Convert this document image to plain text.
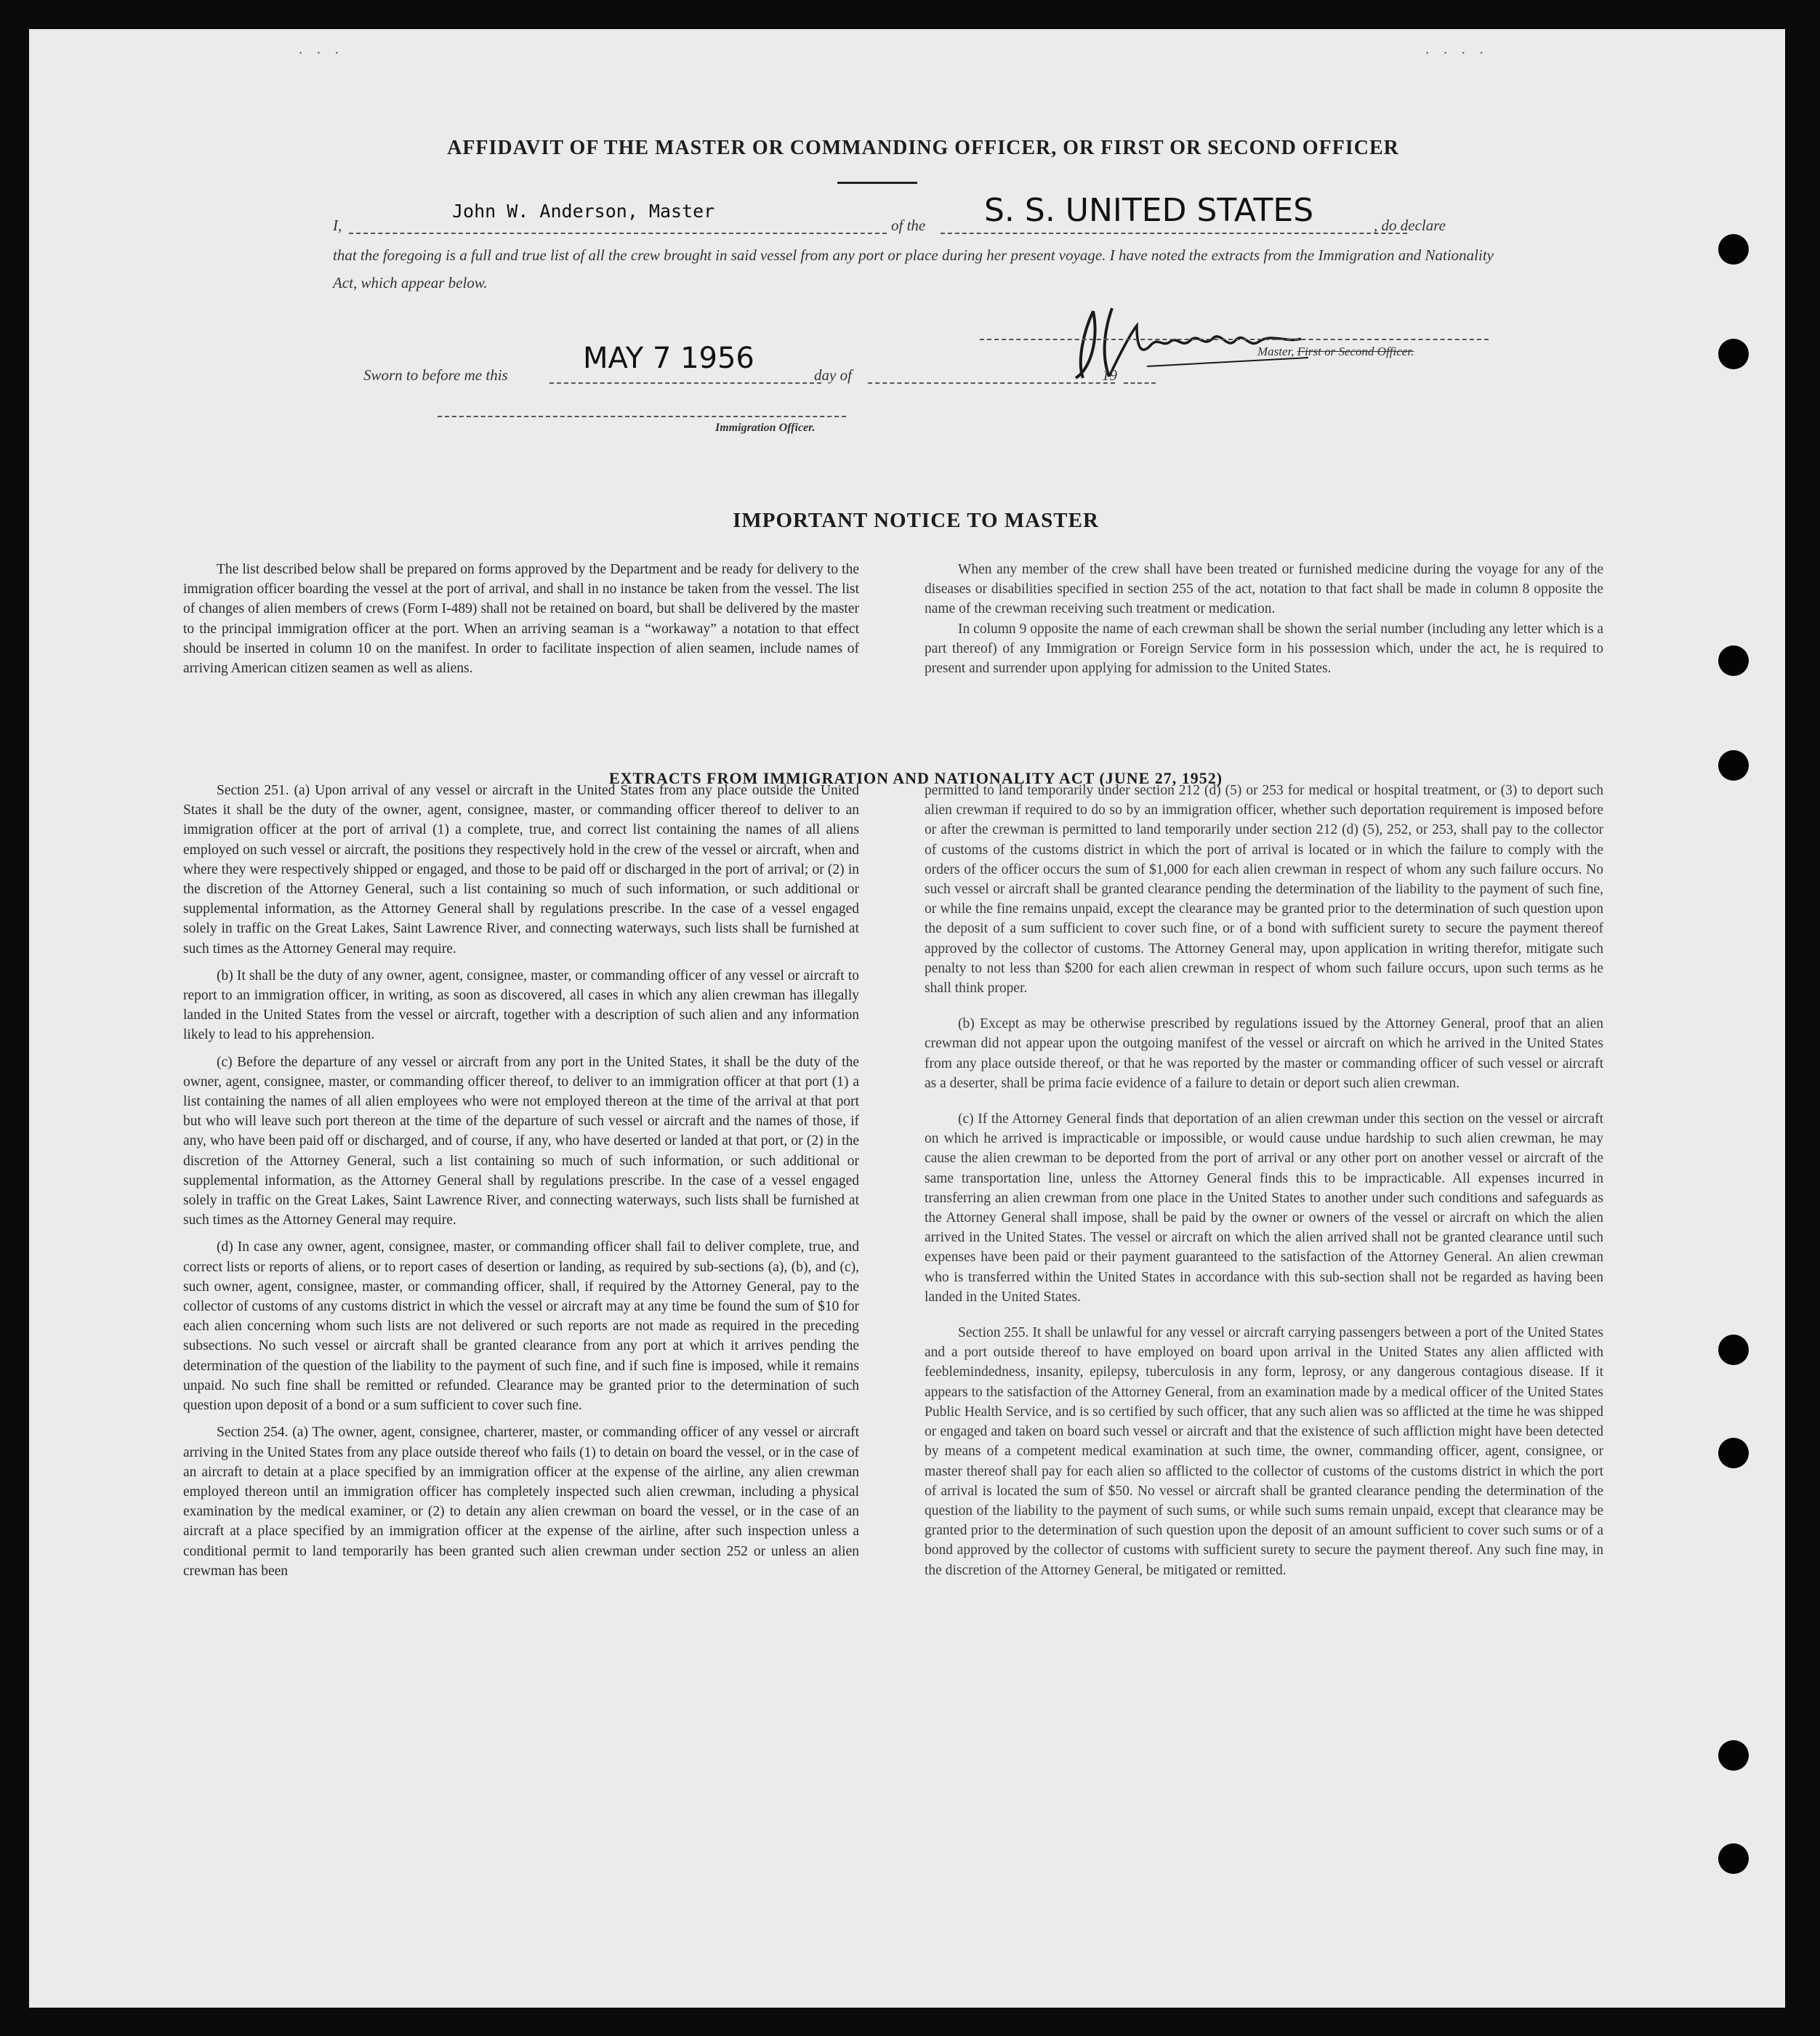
· · ·	· · · ·
AFFIDAVIT OF THE MASTER OR COMMANDING OFFICER, OR FIRST OR SECOND OFFICER
I,
John W. Anderson, Master
of the S. S. UNITED STATES	, do declare
that the foregoing is a full and true list of all the crew brought in said vessel from any port or place during her present voyage. I have noted the extracts from the Immigration and Nationality Act, which appear below.
Master, First or Second Officer.
Sworn to before me this	MAY 7 1956	day of	19
Immigration Officer.
IMPORTANT NOTICE TO MASTER

The list described below shall be prepared on forms approved by the Department and be ready for delivery to the immigration officer boarding the vessel at the port of arrival, and shall in no instance be taken from the vessel. The list of changes of alien members of crews (Form I-489) shall not be retained on board, but shall be delivered by the master to the principal immigration officer at the port. When an arriving seaman is a “workaway” a notation to that effect should be inserted in column 10 on the manifest. In order to facilitate inspection of alien seamen, include names of arriving American citizen seamen as well as aliens.

When any member of the crew shall have been treated or furnished medicine during the voyage for any of the diseases or disabilities specified in section 255 of the act, notation to that fact shall be made in column 8 opposite the name of the crewman receiving such treatment or medication.

In column 9 opposite the name of each crewman shall be shown the serial number (including any letter which is a part thereof) of any Immigration or Foreign Service form in his possession which, under the act, he is required to present and surrender upon applying for admission to the United States.

EXTRACTS FROM IMMIGRATION AND NATIONALITY ACT (JUNE 27, 1952)

Section 251. (a) Upon arrival of any vessel or aircraft in the United States from any place outside the United States it shall be the duty of the owner, agent, consignee, master, or commanding officer thereof to deliver to an immigration officer at the port of arrival (1) a complete, true, and correct list containing the names of all aliens employed on such vessel or aircraft, the positions they respectively hold in the crew of the vessel or aircraft, when and where they were respectively shipped or engaged, and those to be paid off or discharged in the port of arrival; or (2) in the discretion of the Attorney General, such a list containing so much of such information, or such additional or supplemental information, as the Attorney General shall by regulations prescribe. In the case of a vessel engaged solely in traffic on the Great Lakes, Saint Lawrence River, and connecting waterways, such lists shall be furnished at such times as the Attorney General may require.

(b) It shall be the duty of any owner, agent, consignee, master, or commanding officer of any vessel or aircraft to report to an immigration officer, in writing, as soon as discovered, all cases in which any alien crewman has illegally landed in the United States from the vessel or aircraft, together with a description of such alien and any information likely to lead to his apprehension.

(c) Before the departure of any vessel or aircraft from any port in the United States, it shall be the duty of the owner, agent, consignee, master, or commanding officer thereof, to deliver to an immigration officer at that port (1) a list containing the names of all alien employees who were not employed thereon at the time of the arrival at that port but who will leave such port thereon at the time of the departure of such vessel or aircraft and the names of those, if any, who have been paid off or discharged, and of course, if any, who have deserted or landed at that port, or (2) in the discretion of the Attorney General, such a list containing so much of such information, or such additional or supplemental information, as the Attorney General shall by regulations prescribe. In the case of a vessel engaged solely in traffic on the Great Lakes, Saint Lawrence River, and connecting waterways, such lists shall be furnished at such times as the Attorney General may require.

(d) In case any owner, agent, consignee, master, or commanding officer shall fail to deliver complete, true, and correct lists or reports of aliens, or to report cases of desertion or landing, as required by sub-sections (a), (b), and (c), such owner, agent, consignee, master, or commanding officer, shall, if required by the Attorney General, pay to the collector of customs of any customs district in which the vessel or aircraft may at any time be found the sum of $10 for each alien concerning whom such lists are not delivered or such reports are not made as required in the preceding subsections. No such vessel or aircraft shall be granted clearance from any port at which it arrives pending the determination of the question of the liability to the payment of such fine, and if such fine is imposed, while it remains unpaid. No such fine shall be remitted or refunded. Clearance may be granted prior to the determination of such question upon deposit of a bond or a sum sufficient to cover such fine.

Section 254. (a) The owner, agent, consignee, charterer, master, or commanding officer of any vessel or aircraft arriving in the United States from any place outside thereof who fails (1) to detain on board the vessel, or in the case of an aircraft to detain at a place specified by an immigration officer at the expense of the airline, any alien crewman employed thereon until an immigration officer has completely inspected such alien crewman, including a physical examination by the medical examiner, or (2) to detain any alien crewman on board the vessel, or in the case of an aircraft at a place specified by an immigration officer at the expense of the airline, after such inspection unless a conditional permit to land temporarily has been granted such alien crewman under section 252 or unless an alien crewman has been

permitted to land temporarily under section 212 (d) (5) or 253 for medical or hospital treatment, or (3) to deport such alien crewman if required to do so by an immigration officer, whether such deportation requirement is imposed before or after the crewman is permitted to land temporarily under section 212 (d) (5), 252, or 253, shall pay to the collector of customs of the customs district in which the port of arrival is located or in which the failure to comply with the orders of the officer occurs the sum of $1,000 for each alien crewman in respect of whom any such failure occurs. No such vessel or aircraft shall be granted clearance pending the determination of the liability to the payment of such fine, or while the fine remains unpaid, except the clearance may be granted prior to the determination of such question upon the deposit of a sum sufficient to cover such fine, or of a bond with sufficient surety to secure the payment thereof approved by the collector of customs. The Attorney General may, upon application in writing therefor, mitigate such penalty to not less than $200 for each alien crewman in respect of whom such failure occurs, upon such terms as he shall think proper.

(b) Except as may be otherwise prescribed by regulations issued by the Attorney General, proof that an alien crewman did not appear upon the outgoing manifest of the vessel or aircraft on which he arrived in the United States from any place outside thereof, or that he was reported by the master or commanding officer of such vessel or aircraft as a deserter, shall be prima facie evidence of a failure to detain or deport such alien crewman.

(c) If the Attorney General finds that deportation of an alien crewman under this section on the vessel or aircraft on which he arrived is impracticable or impossible, or would cause undue hardship to such alien crewman, he may cause the alien crewman to be deported from the port of arrival or any other port on another vessel or aircraft of the same transportation line, unless the Attorney General finds this to be impracticable. All expenses incurred in transferring an alien crewman from one place in the United States to another under such conditions and safeguards as the Attorney General shall impose, shall be paid by the owner or owners of the vessel or aircraft on which the alien arrived in the United States. The vessel or aircraft on which the alien arrived shall not be granted clearance until such expenses have been paid or their payment guaranteed to the satisfaction of the Attorney General. An alien crewman who is transferred within the United States in accordance with this sub-section shall not be regarded as having been landed in the United States.

Section 255. It shall be unlawful for any vessel or aircraft carrying passengers between a port of the United States and a port outside thereof to have employed on board upon arrival in the United States any alien afflicted with feeblemindedness, insanity, epilepsy, tuberculosis in any form, leprosy, or any dangerous contagious disease. If it appears to the satisfaction of the Attorney General, from an examination made by a medical officer of the United States Public Health Service, and is so certified by such officer, that any such alien was so afflicted at the time he was shipped or engaged and taken on board such vessel or aircraft and that the existence of such affliction might have been detected by means of a competent medical examination at such time, the owner, commanding officer, agent, consignee, or master thereof shall pay for each alien so afflicted to the collector of customs of the customs district in which the port of arrival is located the sum of $50. No vessel or aircraft shall be granted clearance pending the determination of the question of the liability to the payment of such sums, or while such sums remain unpaid, except that clearance may be granted prior to the determination of such question upon the deposit of an amount sufficient to cover such sums or of a bond approved by the collector of customs with sufficient surety to secure the payment thereof. Any such fine may, in the discretion of the Attorney General, be mitigated or remitted.
